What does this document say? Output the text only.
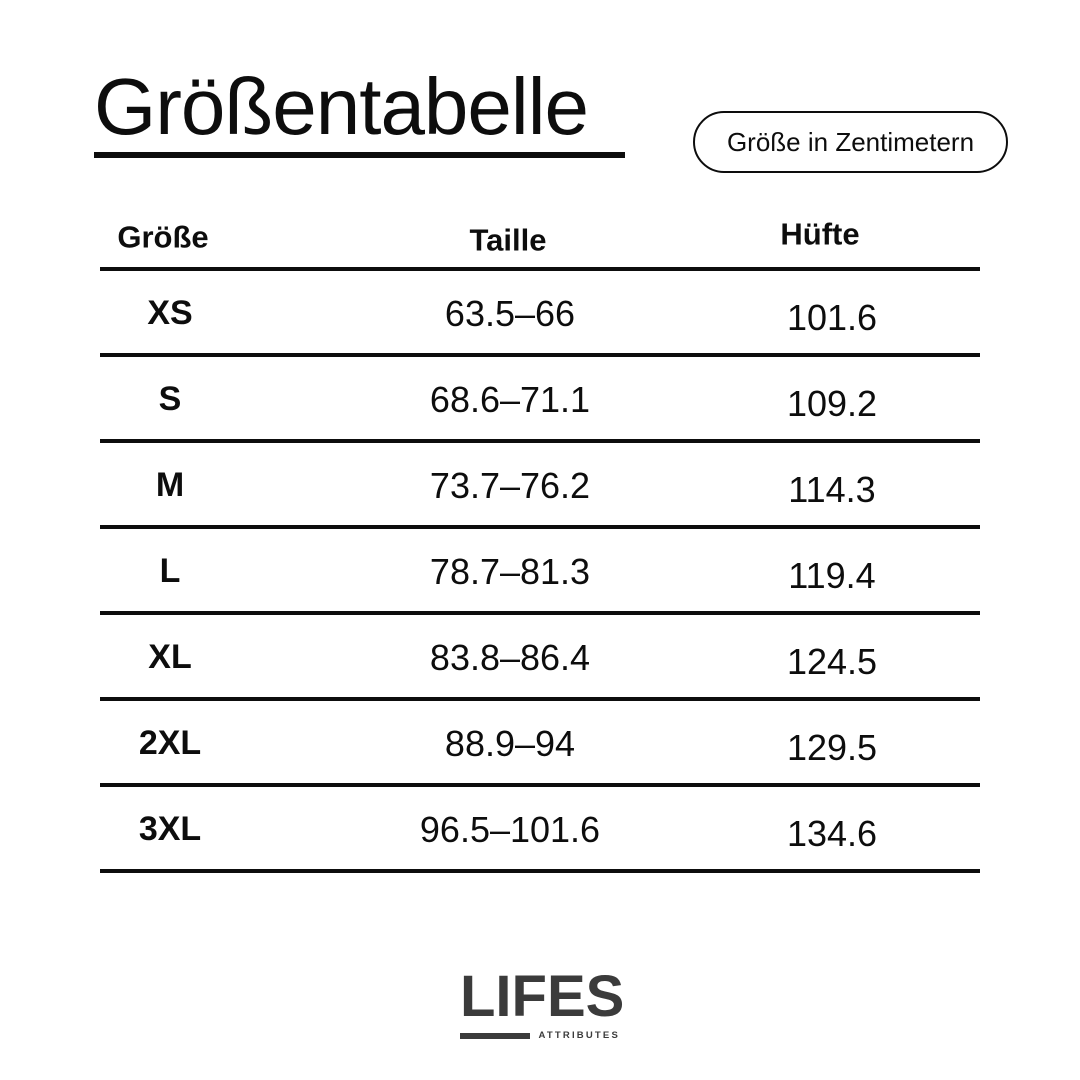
Größentabelle	Größe in Zentimetern
Größe	Taille	Hüfte
XS	63.5–66	101.6
S	68.6–71.1	109.2
M	73.7–76.2	114.3
L	78.7–81.3	119.4
XL	83.8–86.4	124.5
2XL	88.9–94	129.5
3XL	96.5–101.6	134.6
LIFES
ATTRIBUTES
